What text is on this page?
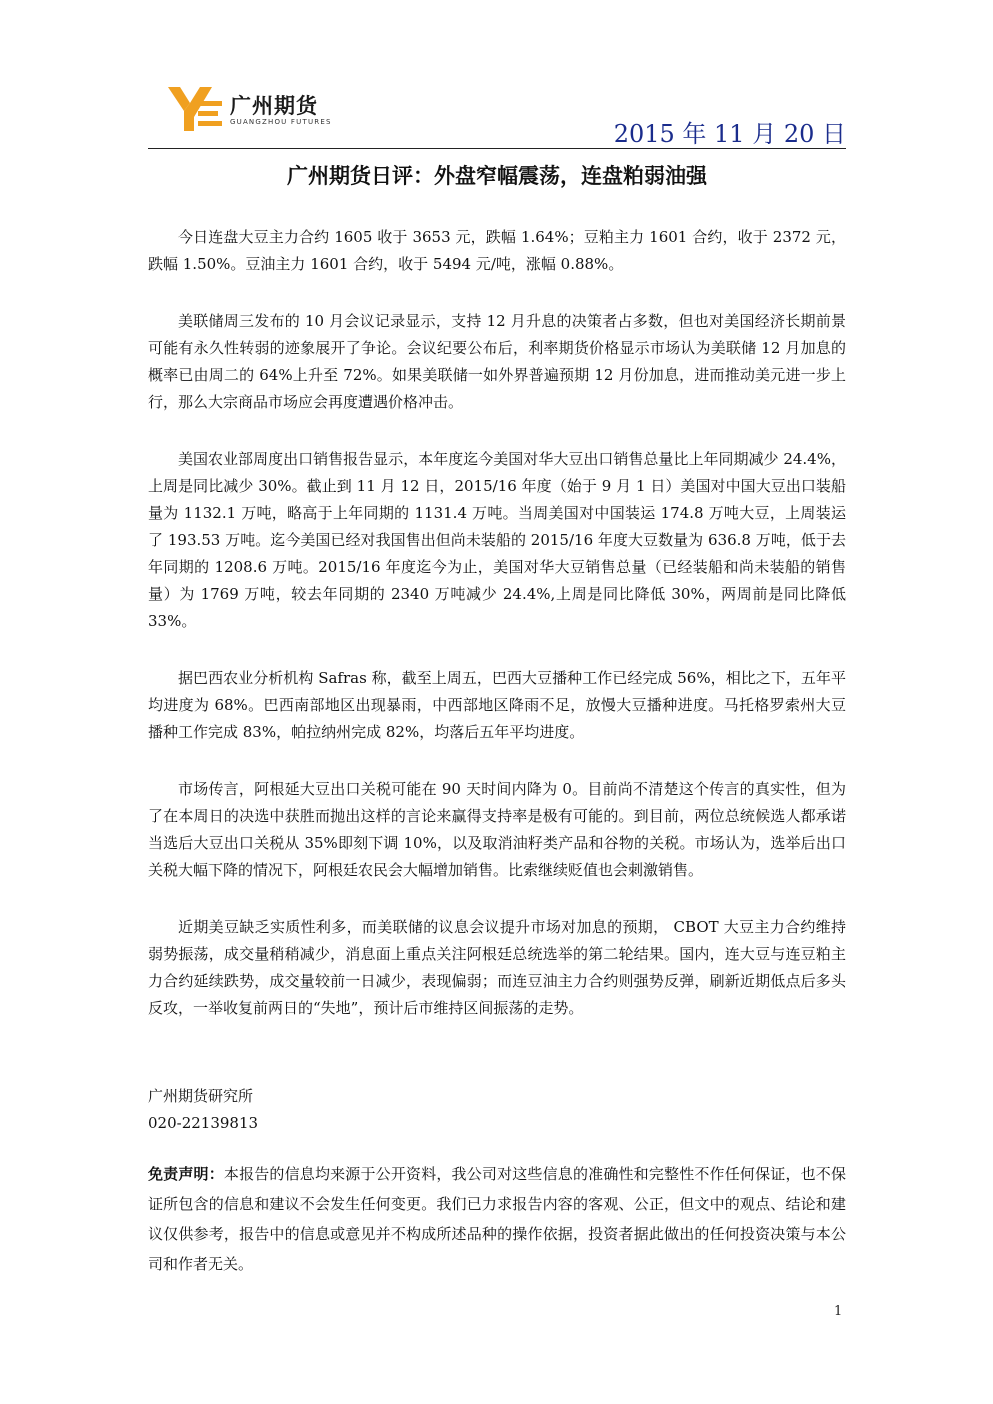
广州期货
GUANGZHOU FUTURES	2015 年 11 月 20 日
广州期货日评：外盘窄幅震荡，连盘粕弱油强

今日连盘大豆主力合约 1605 收于 3653 元，跌幅 1.64%；豆粕主力 1601 合约，收于 2372 元，跌幅 1.50%。豆油主力 1601 合约，收于 5494 元/吨，涨幅 0.88%。

美联储周三发布的 10 月会议记录显示，支持 12 月升息的决策者占多数，但也对美国经济长期前景可能有永久性转弱的迹象展开了争论。会议纪要公布后，利率期货价格显示市场认为美联储 12 月加息的概率已由周二的 64%上升至 72%。如果美联储一如外界普遍预期 12 月份加息，进而推动美元进一步上行，那么大宗商品市场应会再度遭遇价格冲击。

美国农业部周度出口销售报告显示，本年度迄今美国对华大豆出口销售总量比上年同期减少 24.4%，上周是同比减少 30%。截止到 11 月 12 日，2015/16 年度（始于 9 月 1 日）美国对中国大豆出口装船量为 1132.1 万吨，略高于上年同期的 1131.4 万吨。当周美国对中国装运 174.8 万吨大豆，上周装运了 193.53 万吨。迄今美国已经对我国售出但尚未装船的 2015/16 年度大豆数量为 636.8 万吨，低于去年同期的 1208.6 万吨。2015/16 年度迄今为止，美国对华大豆销售总量（已经装船和尚未装船的销售量）为 1769 万吨，较去年同期的 2340 万吨减少 24.4%,上周是同比降低 30%，两周前是同比降低 33%。

据巴西农业分析机构 Safras 称，截至上周五，巴西大豆播种工作已经完成 56%，相比之下，五年平均进度为 68%。巴西南部地区出现暴雨，中西部地区降雨不足，放慢大豆播种进度。马托格罗索州大豆播种工作完成 83%，帕拉纳州完成 82%，均落后五年平均进度。

市场传言，阿根延大豆出口关税可能在 90 天时间内降为 0。目前尚不清楚这个传言的真实性，但为了在本周日的决选中获胜而抛出这样的言论来赢得支持率是极有可能的。到目前，两位总统候选人都承诺当选后大豆出口关税从 35%即刻下调 10%，以及取消油籽类产品和谷物的关税。市场认为，选举后出口关税大幅下降的情况下，阿根廷农民会大幅增加销售。比索继续贬值也会刺激销售。

近期美豆缺乏实质性利多，而美联储的议息会议提升市场对加息的预期， CBOT 大豆主力合约维持弱势振荡，成交量稍稍减少，消息面上重点关注阿根廷总统选举的第二轮结果。国内，连大豆与连豆粕主力合约延续跌势，成交量较前一日减少，表现偏弱；而连豆油主力合约则强势反弹，刷新近期低点后多头反攻，一举收复前两日的“失地”，预计后市维持区间振荡的走势。

广州期货研究所
020-22139813
免责声明：本报告的信息均来源于公开资料，我公司对这些信息的准确性和完整性不作任何保证，也不保证所包含的信息和建议不会发生任何变更。我们已力求报告内容的客观、公正，但文中的观点、结论和建议仅供参考，报告中的信息或意见并不构成所述品种的操作依据，投资者据此做出的任何投资决策与本公司和作者无关。
1
